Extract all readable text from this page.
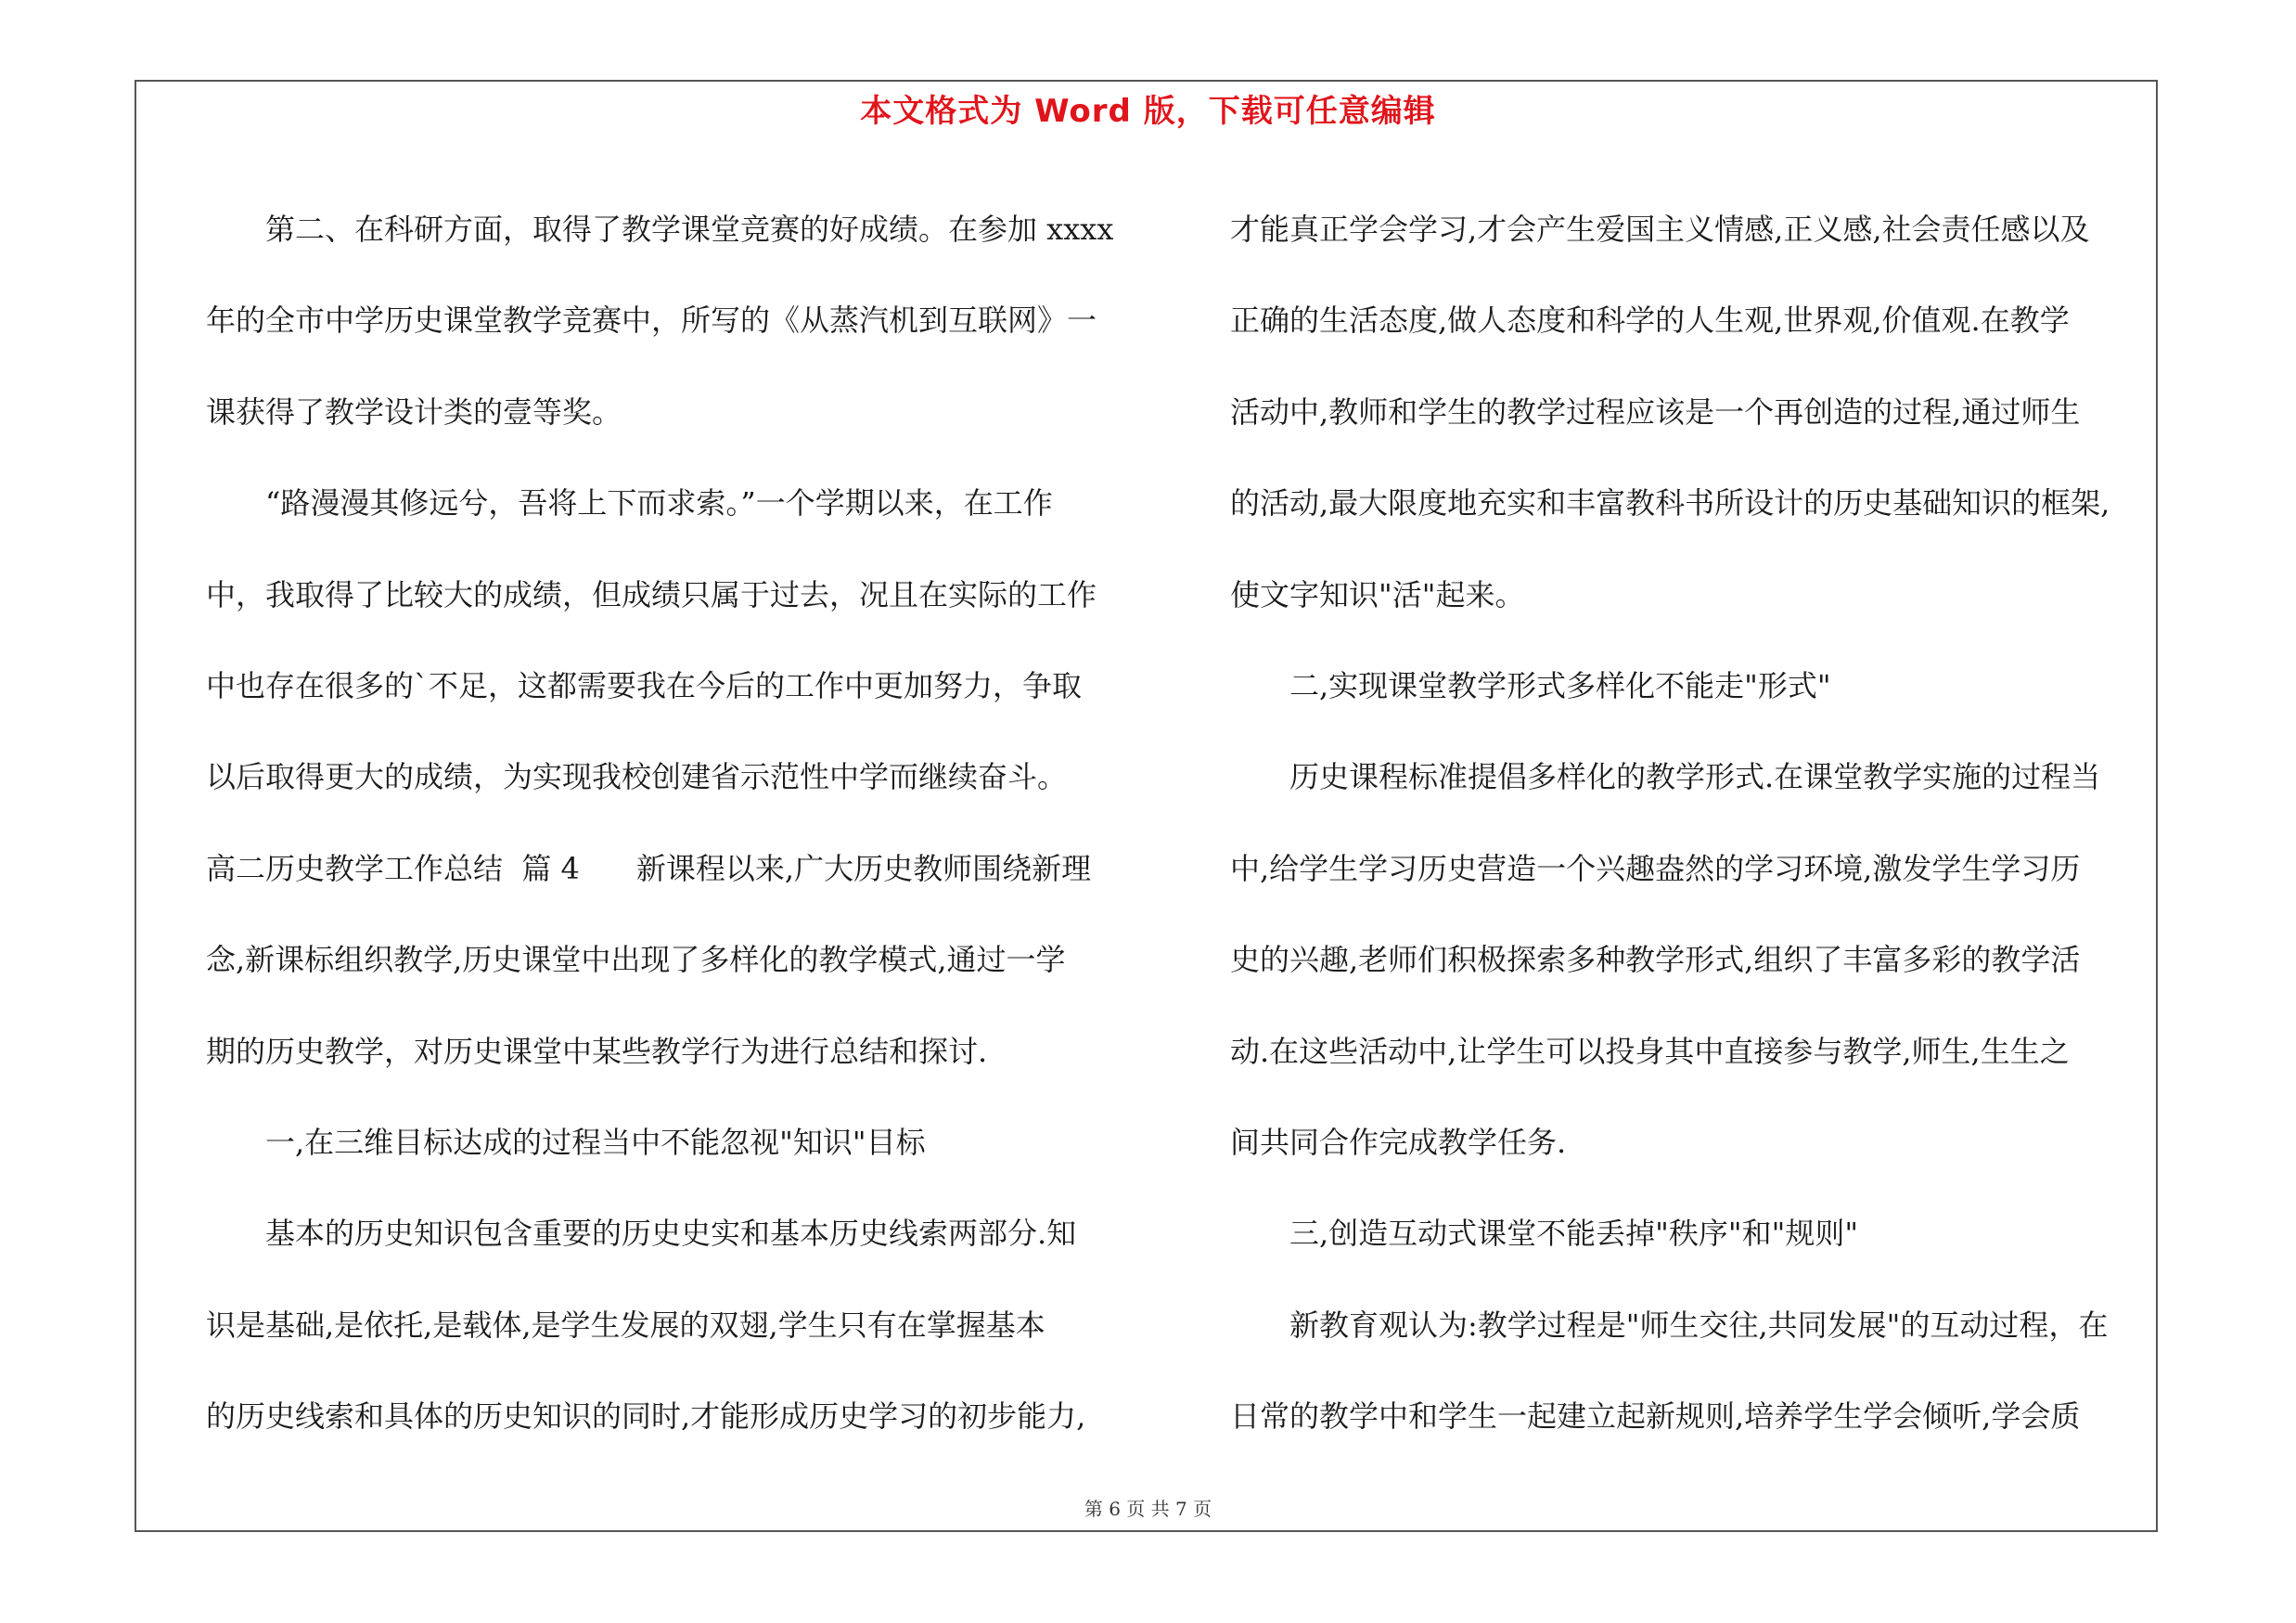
本文格式为 Word 版，下载可任意编辑

第二、在科研方面，取得了教学课堂竞赛的好成绩。在参加 xxxx

年的全市中学历史课堂教学竞赛中，所写的《从蒸汽机到互联网》一

课获得了教学设计类的壹等奖。

“路漫漫其修远兮，吾将上下而求索。”一个学期以来，在工作

中，我取得了比较大的成绩，但成绩只属于过去，况且在实际的工作

中也存在很多的`不足，这都需要我在今后的工作中更加努力，争取

以后取得更大的成绩，为实现我校创建省示范性中学而继续奋斗。

高二历史教学工作总结  篇 4      新课程以来,广大历史教师围绕新理

念,新课标组织教学,历史课堂中出现了多样化的教学模式,通过一学

期的历史教学，对历史课堂中某些教学行为进行总结和探讨.

一,在三维目标达成的过程当中不能忽视"知识"目标

基本的历史知识包含重要的历史史实和基本历史线索两部分.知

识是基础,是依托,是载体,是学生发展的双翅,学生只有在掌握基本

的历史线索和具体的历史知识的同时,才能形成历史学习的初步能力,

才能真正学会学习,才会产生爱国主义情感,正义感,社会责任感以及

正确的生活态度,做人态度和科学的人生观,世界观,价值观.在教学

活动中,教师和学生的教学过程应该是一个再创造的过程,通过师生

的活动,最大限度地充实和丰富教科书所设计的历史基础知识的框架,

使文字知识"活"起来。

二,实现课堂教学形式多样化不能走"形式"

历史课程标准提倡多样化的教学形式.在课堂教学实施的过程当

中,给学生学习历史营造一个兴趣盎然的学习环境,激发学生学习历

史的兴趣,老师们积极探索多种教学形式,组织了丰富多彩的教学活

动.在这些活动中,让学生可以投身其中直接参与教学,师生,生生之

间共同合作完成教学任务.

三,创造互动式课堂不能丢掉"秩序"和"规则"

新教育观认为:教学过程是"师生交往,共同发展"的互动过程，在

日常的教学中和学生一起建立起新规则,培养学生学会倾听,学会质

第 6 页 共 7 页
